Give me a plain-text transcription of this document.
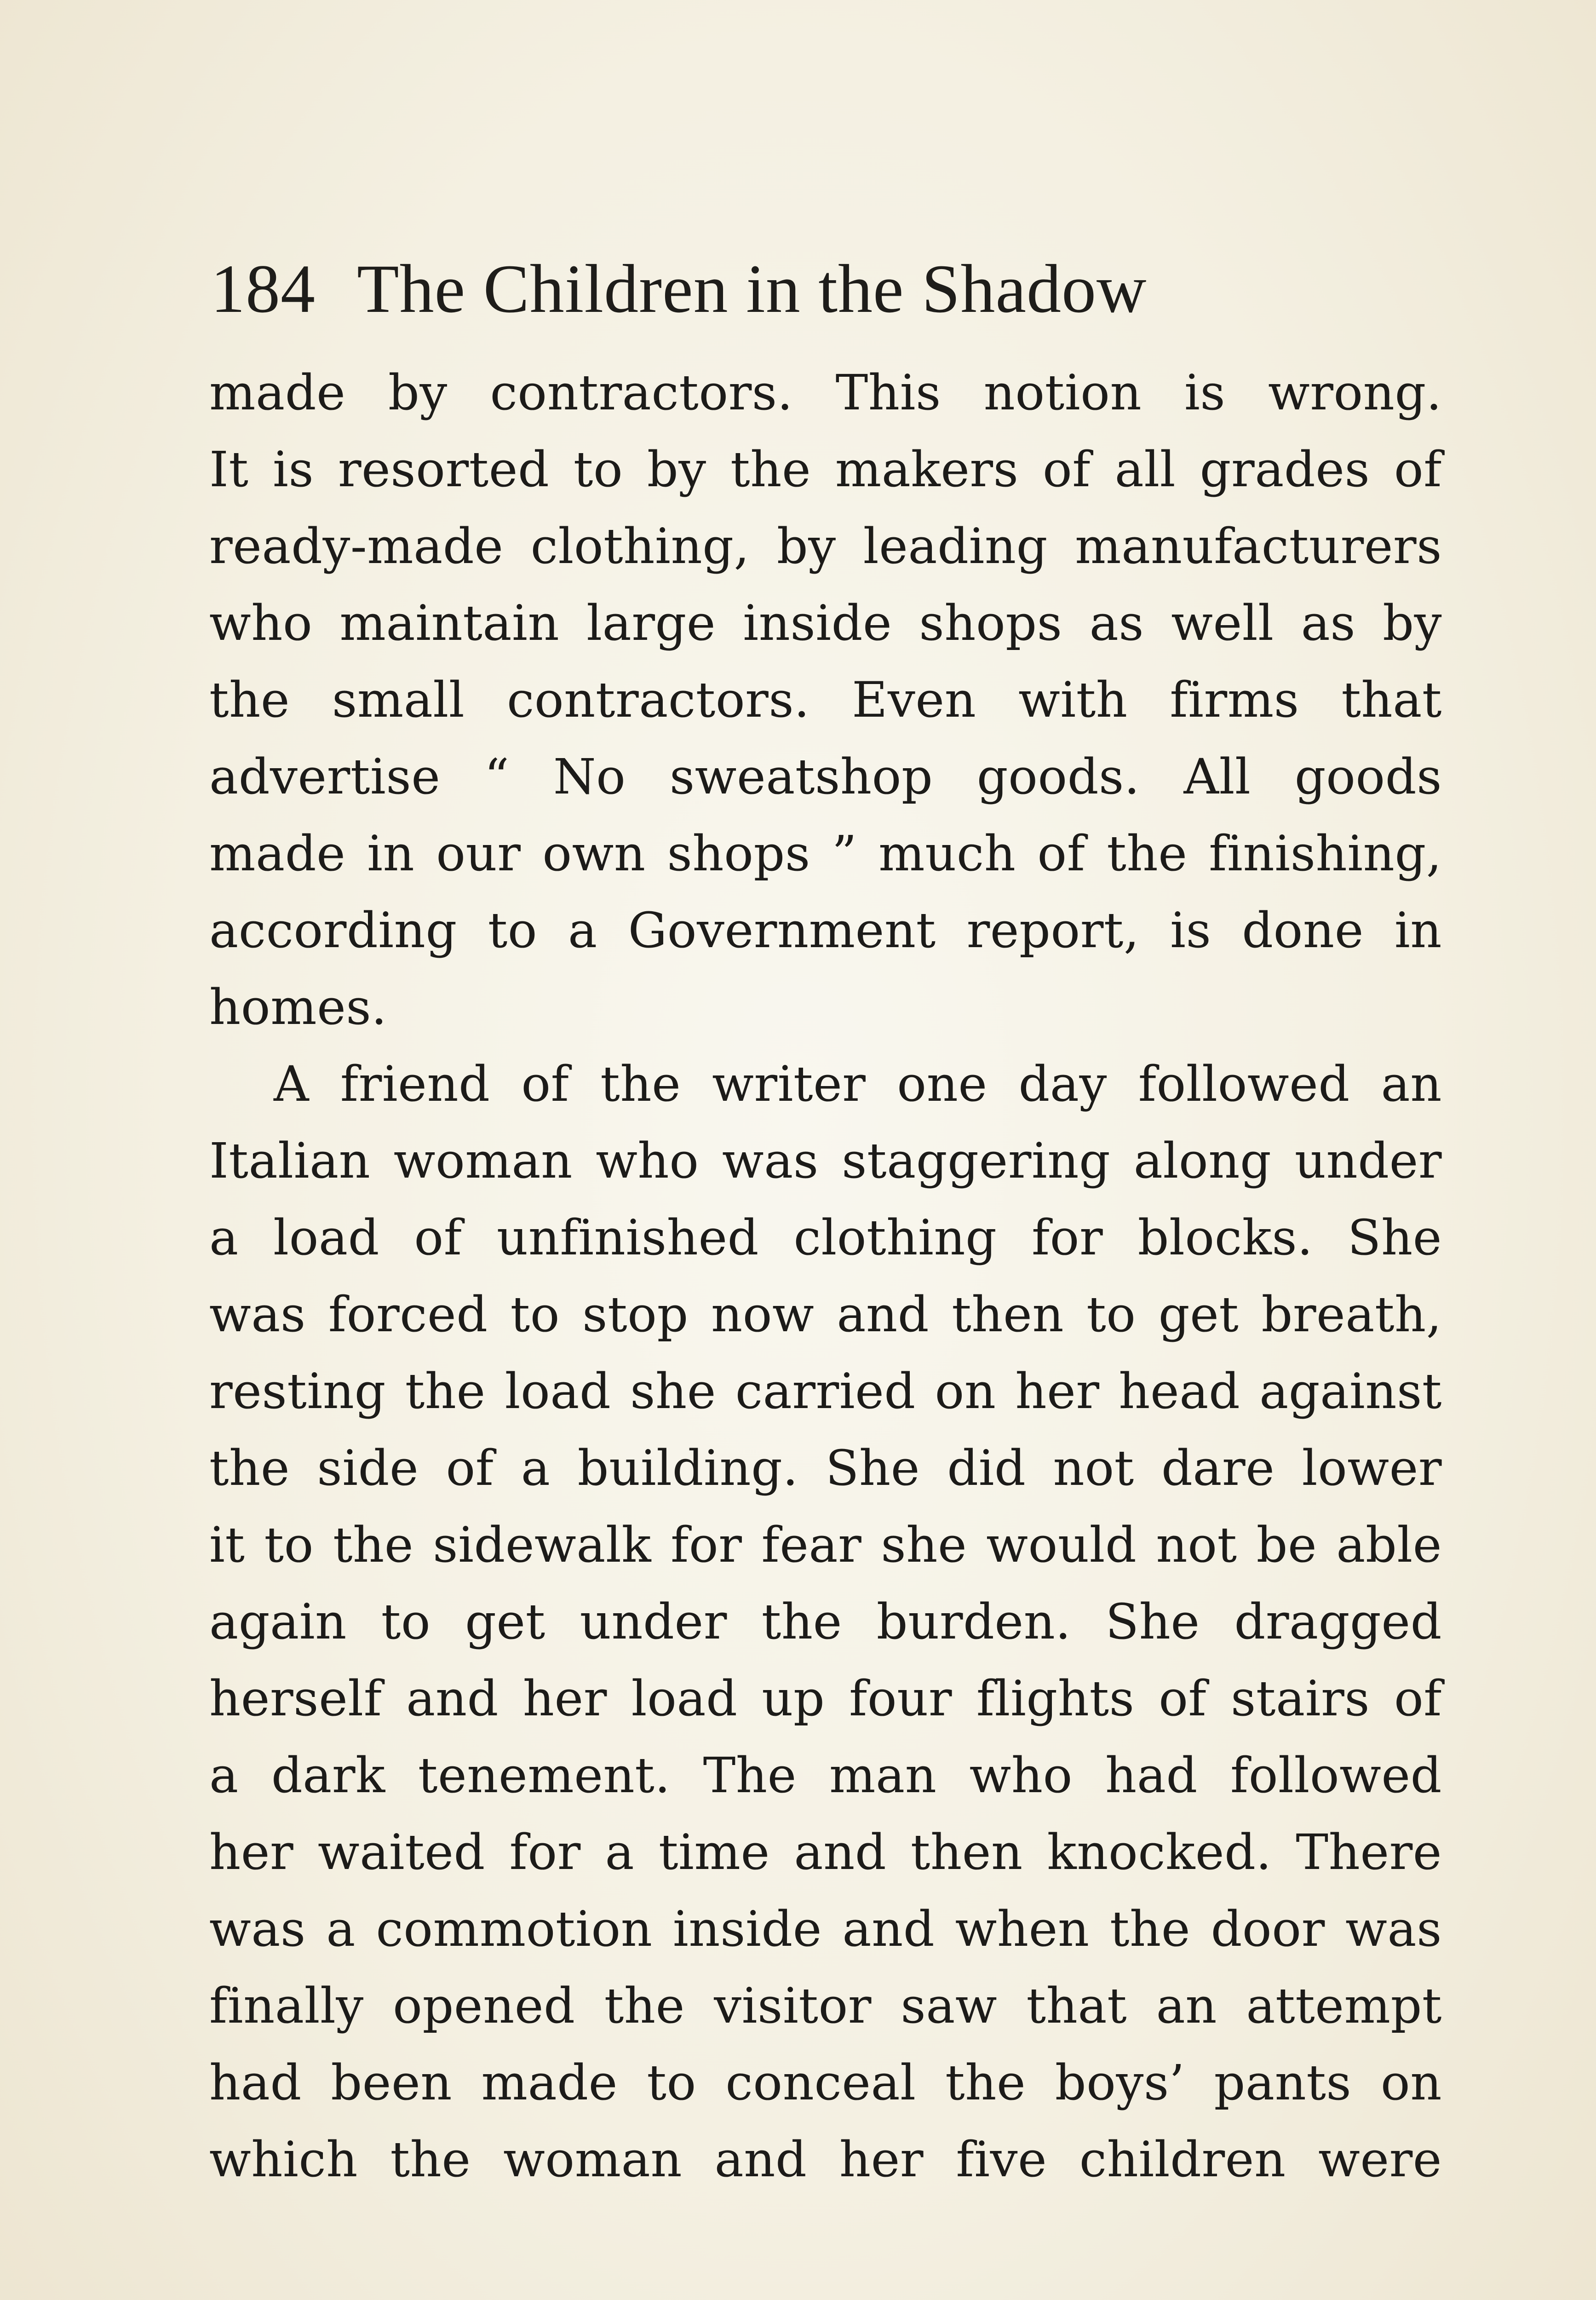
184 The Children in the Shadow
made by contractors. This notion is wrong.
It is resorted to by the makers of all grades of
ready-made clothing, by leading manufacturers
who maintain large inside shops as well as by
the small contractors. Even with firms that
advertise “ No sweatshop goods. All goods
made in our own shops ” much of the finishing,
according to a Government report, is done in
homes.
A friend of the writer one day followed an
Italian woman who was staggering along under
a load of unfinished clothing for blocks. She
was forced to stop now and then to get breath,
resting the load she carried on her head against
the side of a building. She did not dare lower
it to the sidewalk for fear she would not be able
again to get under the burden. She dragged
herself and her load up four flights of stairs of
a dark tenement. The man who had followed
her waited for a time and then knocked. There
was a commotion inside and when the door was
finally opened the visitor saw that an attempt
had been made to conceal the boys’ pants on
which the woman and her five children were
